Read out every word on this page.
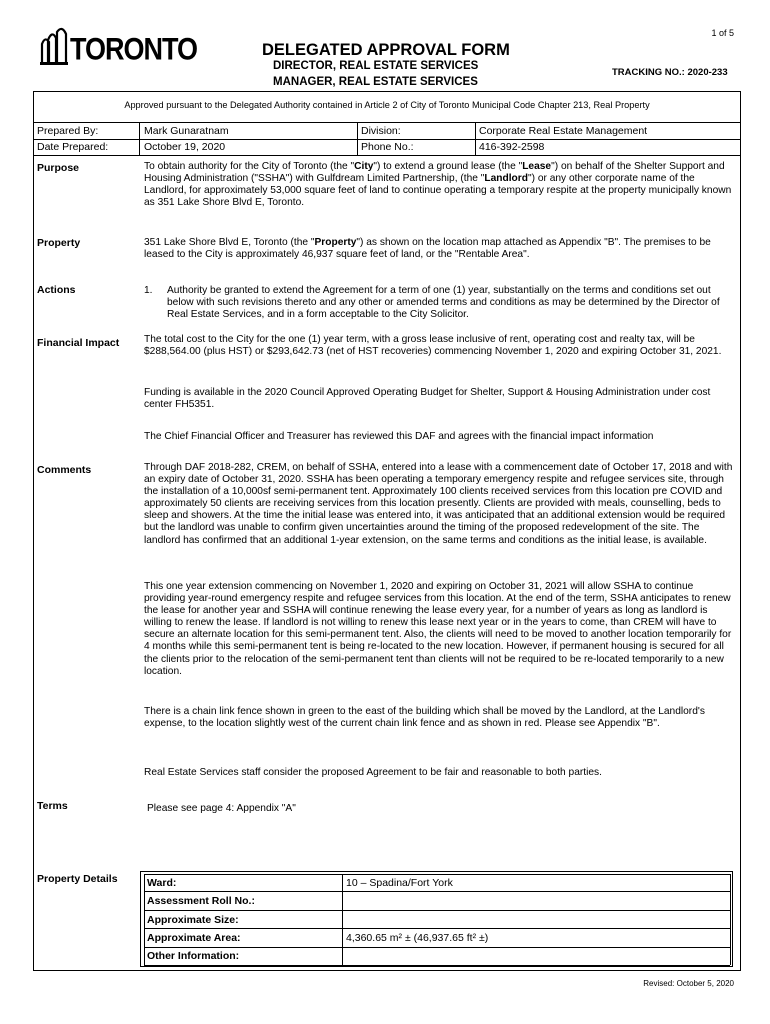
1 of 5
TORONTO	DELEGATED APPROVAL FORM
DIRECTOR, REAL ESTATE SERVICES
MANAGER, REAL ESTATE SERVICES
TRACKING NO.: 2020-233
Approved pursuant to the Delegated Authority contained in Article 2 of City of Toronto Municipal Code Chapter 213, Real Property
Prepared By:	Mark Gunaratnam	Division:	Corporate Real Estate Management
Date Prepared:	October 19, 2020	Phone No.:	416-392-2598
Purpose	To obtain authority for the City of Toronto (the "City") to extend a ground lease (the "Lease") on behalf of the Shelter Support and Housing Administration ("SSHA") with Gulfdream Limited Partnership, (the "Landlord") or any other corporate name of the Landlord, for approximately 53,000 square feet of land to continue operating a temporary respite at the property municipally known as 351 Lake Shore Blvd E, Toronto.
Property	351 Lake Shore Blvd E, Toronto (the "Property") as shown on the location map attached as Appendix "B". The premises to be leased to the City is approximately 46,937 square feet of land, or the "Rentable Area".
Actions	1. Authority be granted to extend the Agreement for a term of one (1) year, substantially on the terms and conditions set out below with such revisions thereto and any other or amended terms and conditions as may be determined by the Director of Real Estate Services, and in a form acceptable to the City Solicitor.
Financial Impact The total cost to the City for the one (1) year term, with a gross lease inclusive of rent, operating cost and realty tax, will be $288,564.00 (plus HST) or $293,642.73 (net of HST recoveries) commencing November 1, 2020 and expiring October 31, 2021.
Funding is available in the 2020 Council Approved Operating Budget for Shelter, Support & Housing Administration under cost center FH5351.
The Chief Financial Officer and Treasurer has reviewed this DAF and agrees with the financial impact information
Comments	Through DAF 2018-282, CREM, on behalf of SSHA, entered into a lease with a commencement date of October 17, 2018 and with an expiry date of October 31, 2020. SSHA has been operating a temporary emergency respite and refugee services site, through the installation of a 10,000sf semi-permanent tent. Approximately 100 clients received services from this location pre COVID and approximately 50 clients are receiving services from this location presently. Clients are provided with meals, counselling, beds to sleep and showers. At the time the initial lease was entered into, it was anticipated that an additional extension would be required but the landlord was unable to confirm given uncertainties around the timing of the proposed redevelopment of the site. The landlord has confirmed that an additional 1-year extension, on the same terms and conditions as the initial lease, is available.
This one year extension commencing on November 1, 2020 and expiring on October 31, 2021 will allow SSHA to continue providing year-round emergency respite and refugee services from this location. At the end of the term, SSHA anticipates to renew the lease for another year and SSHA will continue renewing the lease every year, for a number of years as long as landlord is willing to renew the lease. If landlord is not willing to renew this lease next year or in the years to come, than CREM will have to secure an alternate location for this semi-permanent tent. Also, the clients will need to be moved to another location temporarily for 4 months while this semi-permanent tent is being re-located to the new location. However, if permanent housing is secured for all the clients prior to the relocation of the semi-permanent tent than clients will not be required to be re-located temporarily to a new location.
There is a chain link fence shown in green to the east of the building which shall be moved by the Landlord, at the Landlord's expense, to the location slightly west of the current chain link fence and as shown in red. Please see Appendix "B".
Real Estate Services staff consider the proposed Agreement to be fair and reasonable to both parties.
Terms	Please see page 4: Appendix "A"
Property Details	Ward:	10 – Spadina/Fort York
Assessment Roll No.:
Approximate Size:
Approximate Area:	4,360.65 m² ± (46,937.65 ft² ±)
Other Information:
Revised: October 5, 2020
